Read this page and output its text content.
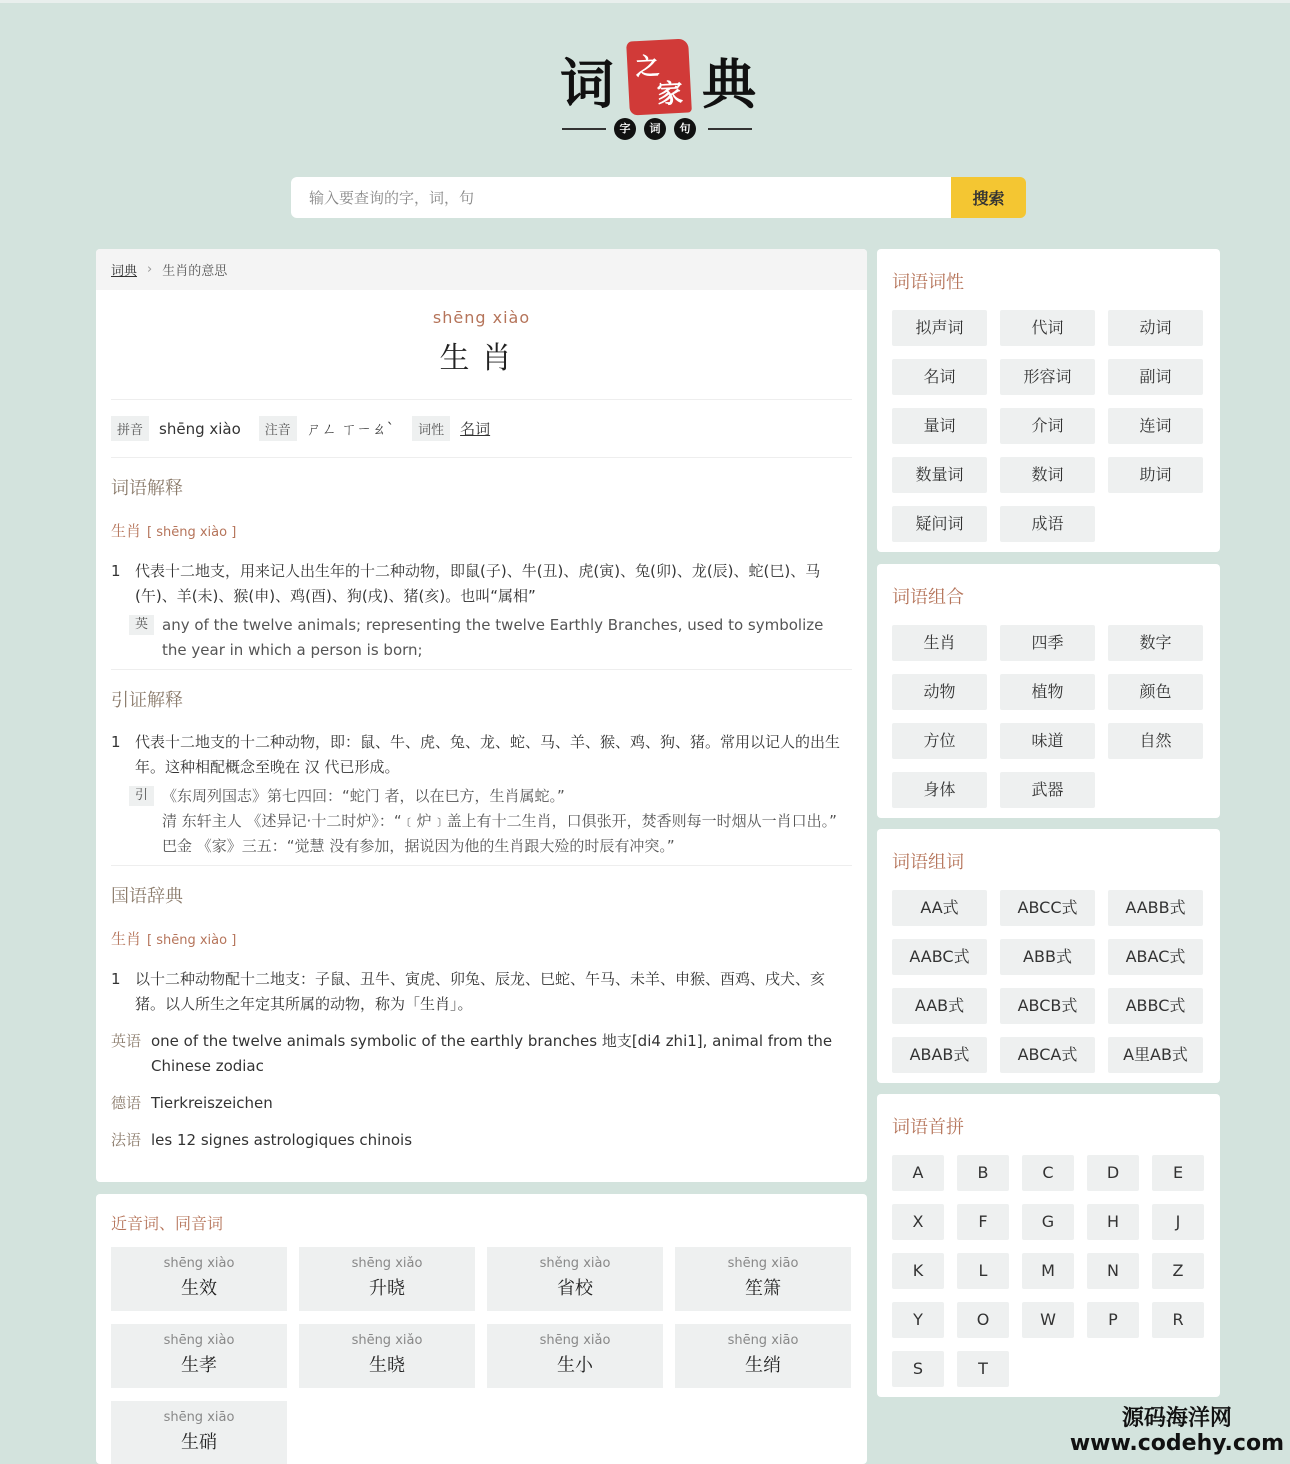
词 之
家 典
字	词	句
输入要查询的字，词，句
搜索
词典 › 生肖的意思
shēng xiào
生肖
拼音	shēng xiào	注音	ㄕㄥ ㄒㄧㄠˋ	词性	名词
词语解释
生肖 [ shēng xiào ]
1 代表十二地支，用来记人出生年的十二种动物，即鼠(子)、牛(丑)、虎(寅)、兔(卯)、龙(辰)、蛇(巳)、马(午)、羊(未)、猴(申)、鸡(酉)、狗(戌)、猪(亥)。也叫“属相”
英 any of the twelve animals; representing the twelve Earthly Branches, used to symbolize the year in which a person is born;
引证解释
1 代表十二地支的十二种动物，即：鼠、牛、虎、兔、龙、蛇、马、羊、猴、鸡、狗、猪。常用以记人的出生年。这种相配概念至晚在 汉 代已形成。
引 《东周列国志》第七四回：“蛇门 者，以在巳方，生肖属蛇。”
清 东轩主人 《述异记·十二时炉》：“﹝炉﹞盖上有十二生肖，口俱张开，焚香则每一时烟从一肖口出。”
巴金 《家》三五：“觉慧 没有参加，据说因为他的生肖跟大殓的时辰有冲突。”
国语辞典
生肖 [ shēng xiào ]
1 以十二种动物配十二地支：子鼠、丑牛、寅虎、卯兔、辰龙、巳蛇、午马、未羊、申猴、酉鸡、戌犬、亥猪。以人所生之年定其所属的动物，称为「生肖」。
英语 one of the twelve animals symbolic of the earthly branches 地支[di4 zhi1], animal from the Chinese zodiac
德语 Tierkreiszeichen
法语 les 12 signes astrologiques chinois
近音词、同音词
shēng xiào
生效
shēng xiǎo
升晓
shěng xiào
省校
shēng xiāo
笙箫
shēng xiào
生孝
shēng xiǎo
生晓
shēng xiǎo
生小
shēng xiāo
生绡
shēng xiāo
生硝
词语词性
拟声词	代词	动词
名词	形容词	副词
量词	介词	连词
数量词	数词	助词
疑问词	成语
词语组合
生肖	四季	数字
动物	植物	颜色
方位	味道	自然
身体	武器
词语组词
AA式	ABCC式	AABB式
AABC式	ABB式	ABAC式
AAB式	ABCB式	ABBC式
ABAB式	ABCA式	A里AB式
词语首拼
A	B	C	D	E
X	F	G	H	J
K	L	M	N	Z
Y	O	W	P	R
S	T
源码海洋网
www.codehy.com
